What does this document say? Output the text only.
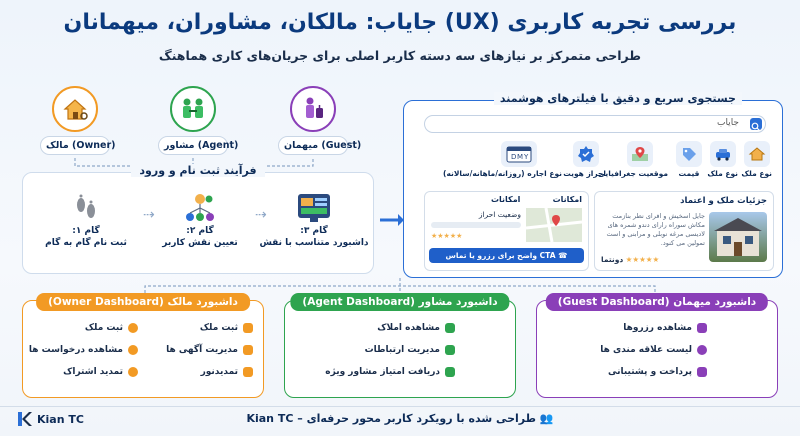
بررسی تجربه کاربری (UX) جایاب: مالکان، مشاوران، میهمانان
طراحی متمرکز بر نیازهای سه دسته کاربر اصلی برای جریان‌های کاری هماهنگ
مالک (Owner)	مشاور (Agent)	میهمان (Guest)
فرآیند ثبت نام و ورود
گام ۱:
ثبت نام گام به گام
⇢
گام ۲:
تعیین نقش کاربر
⇢
گام ۳:
داشبورد متناسب با نقش
جستجوی سریع و دقیق با فیلترهای هوشمند
جایاب
نوع ملک
نوع ملک
قیمت
موقعیت جغرافیایی
احراز هویت
D M Y
نوع اجاره (روزانه/ماهانه/سالانه)
جزئیات ملک و اعتماد
جایل اسخیش و افرای نطر بنازمت مکاش سوراه رارای دندو شمره های لادیسی مرغه نوبلی و مرابنی و است تمولین می کنود.
★★★★★ دونتما
امکانات
امکانات
وضعیت احراز
★★★★★
☎ CTA واضح برای رزرو یا تماس
داشبورد مالک (Owner Dashboard)
ثبت ملک
مدیریت آگهی ها
تمدیدنور
ثبت ملک
مشاهده درخواست ها
تمدید اشتراک
داشبورد مشاور (Agent Dashboard)
مشاهده املاک
مدیریت ارتباطات
دریافت امتیاز مشاور ویژه
داشبورد میهمان (Guest Dashboard)
مشاهده رزروها
لیست علاقه مندی ها
پرداخت و پشتیبانی
👥 طراحی شده با رویکرد کاربر محور حرفه‌ای – Kian TC
Kian TC
